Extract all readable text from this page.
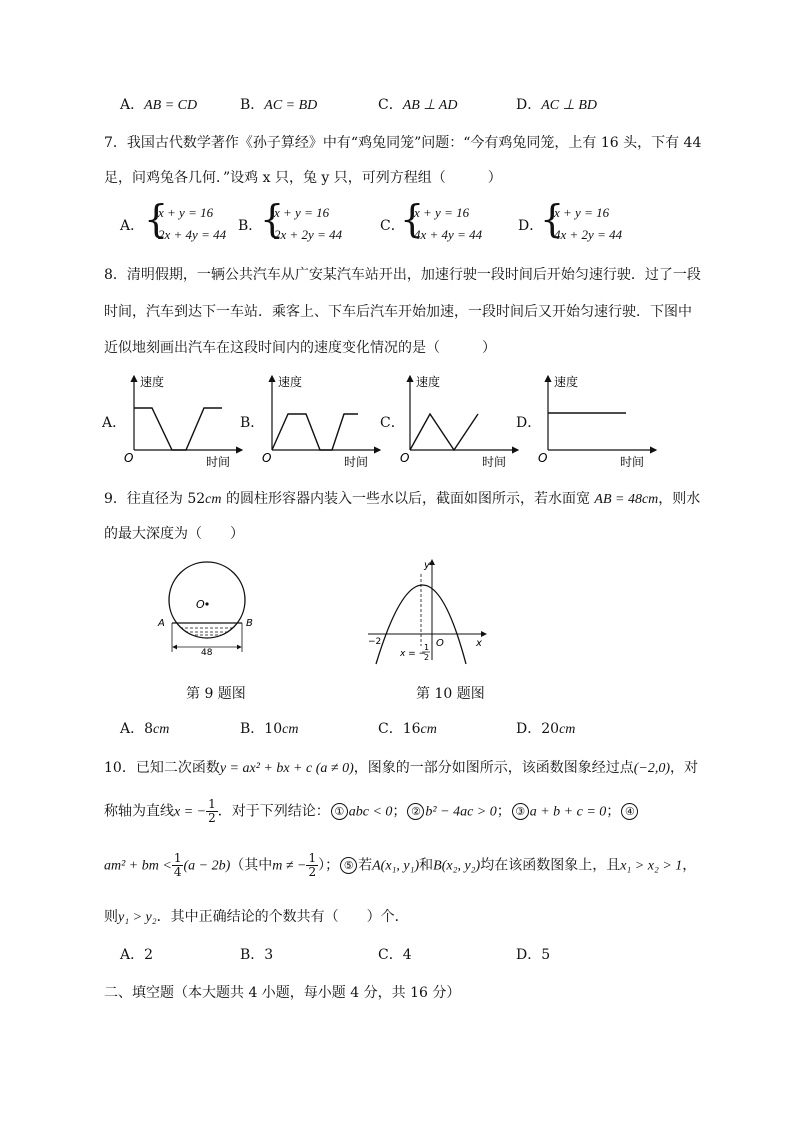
A．AB = CD	B．AC = BD	C．AB ⊥ AD	D．AC ⊥ BD
7．我国古代数学著作《孙子算经》中有“鸡兔同笼”问题：“今有鸡兔同笼，上有 16 头，下有 44
足，问鸡兔各几何．”设鸡 x 只，兔 y 只，可列方程组（　　　）
A． {
x + y = 16
2x + 4y = 44
B．
{
x + y = 16
2x + 2y = 44
C．
{
x + y = 16
4x + 4y = 44
D．
{
x + y = 16
4x + 2y = 44
8．清明假期，一辆公共汽车从广安某汽车站开出，加速行驶一段时间后开始匀速行驶．过了一段
时间，汽车到达下一车站．乘客上、下车后汽车开始加速，一段时间后又开始匀速行驶．下图中
近似地刻画出汽车在这段时间内的速度变化情况的是（　　　）
A．	B．	C．	D．
速度
时间
O
速度
时间
O
速度
时间
O
速度
时间
O
9．往直径为 52cm 的圆柱形容器内装入一些水以后，截面如图所示，若水面宽 AB = 48cm，则水
的最大深度为（　　）
O
A	B
48
y
x
O
−2
x = −
1
2
第 9 题图	第 10 题图
A．8cm	B．10cm	C．16cm	D．20cm
10．已知二次函数y = ax² + bx + c (a ≠ 0)，图象的一部分如图所示，该函数图象经过点(−2,0)，对
称轴为直线x = − $\frac{1}{2}$ ．对于下列结论： ① abc < 0； ② b² − 4ac > 0； ③ a + b + c = 0； ④
am² + bm < $\frac{1}{4} (a - 2b)$（其中m ≠ − $\frac{1}{2}$ ）； ⑤ 若A(x₁, y₁)和B(x₂, y₂)均在该函数图象上，且x₁ > x₂ > 1，
则y₁ > y₂．其中正确结论的个数共有（　　）个．
A．2	B．3	C．4	D．5
二、填空题（本大题共 4 小题，每小题 4 分，共 16 分）
